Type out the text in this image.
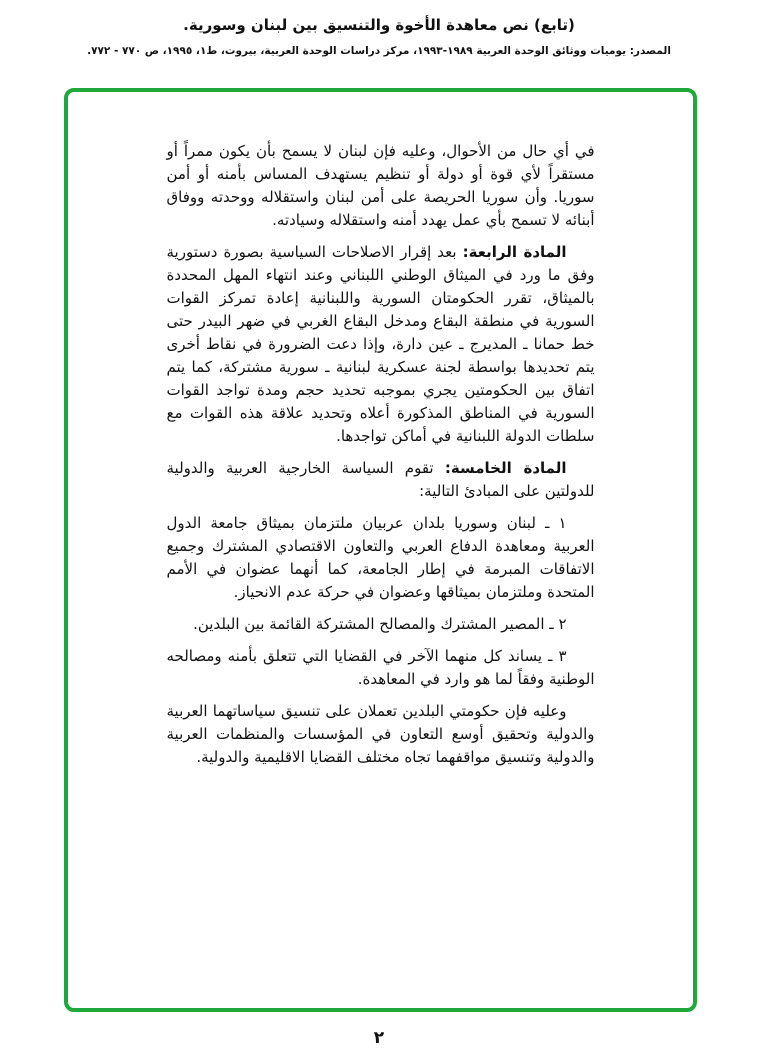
(تابع) نص معاهدة الأخوة والتنسيق بين لبنان وسورية.
المصدر: يوميات ووثائق الوحدة العربية ١٩٨٩-١٩٩٣، مركز دراسات الوحدة العربية، بيروت، ط١، ١٩٩٥، ص ٧٧٠ - ٧٧٢.

في أي حال من الأحوال، وعليه فإن لبنان لا يسمح بأن يكون ممراً أو مستقراً لأي قوة أو دولة أو تنظيم يستهدف المساس بأمنه أو أمن سوريا. وأن سوريا الحريصة على أمن لبنان واستقلاله ووحدته ووفاق أبنائه لا تسمح بأي عمل يهدد أمنه واستقلاله وسيادته.

المادة الرابعة: بعد إقرار الاصلاحات السياسية بصورة دستورية وفق ما ورد في الميثاق الوطني اللبناني وعند انتهاء المهل المحددة بالميثاق، تقرر الحكومتان السورية واللبنانية إعادة تمركز القوات السورية في منطقة البقاع ومدخل البقاع الغربي في ضهر البيدر حتى خط حمانا ـ المديرج ـ عين دارة، وإذا دعت الضرورة في نقاط أخرى يتم تحديدها بواسطة لجنة عسكرية لبنانية ـ سورية مشتركة، كما يتم اتفاق بين الحكومتين يجري بموجبه تحديد حجم ومدة تواجد القوات السورية في المناطق المذكورة أعلاه وتحديد علاقة هذه القوات مع سلطات الدولة اللبنانية في أماكن تواجدها.

المادة الخامسة: تقوم السياسة الخارجية العربية والدولية للدولتين على المبادئ التالية:

١ ـ لبنان وسوريا بلدان عربيان ملتزمان بميثاق جامعة الدول العربية ومعاهدة الدفاع العربي والتعاون الاقتصادي المشترك وجميع الاتفاقات المبرمة في إطار الجامعة، كما أنهما عضوان في الأمم المتحدة وملتزمان بميثاقها وعضوان في حركة عدم الانحياز.

٢ ـ المصير المشترك والمصالح المشتركة القائمة بين البلدين.

٣ ـ يساند كل منهما الآخر في القضايا التي تتعلق بأمنه ومصالحه الوطنية وفقاً لما هو وارد في المعاهدة.

وعليه فإن حكومتي البلدين تعملان على تنسيق سياساتهما العربية والدولية وتحقيق أوسع التعاون في المؤسسات والمنظمات العربية والدولية وتنسيق مواقفهما تجاه مختلف القضايا الاقليمية والدولية.

٢
